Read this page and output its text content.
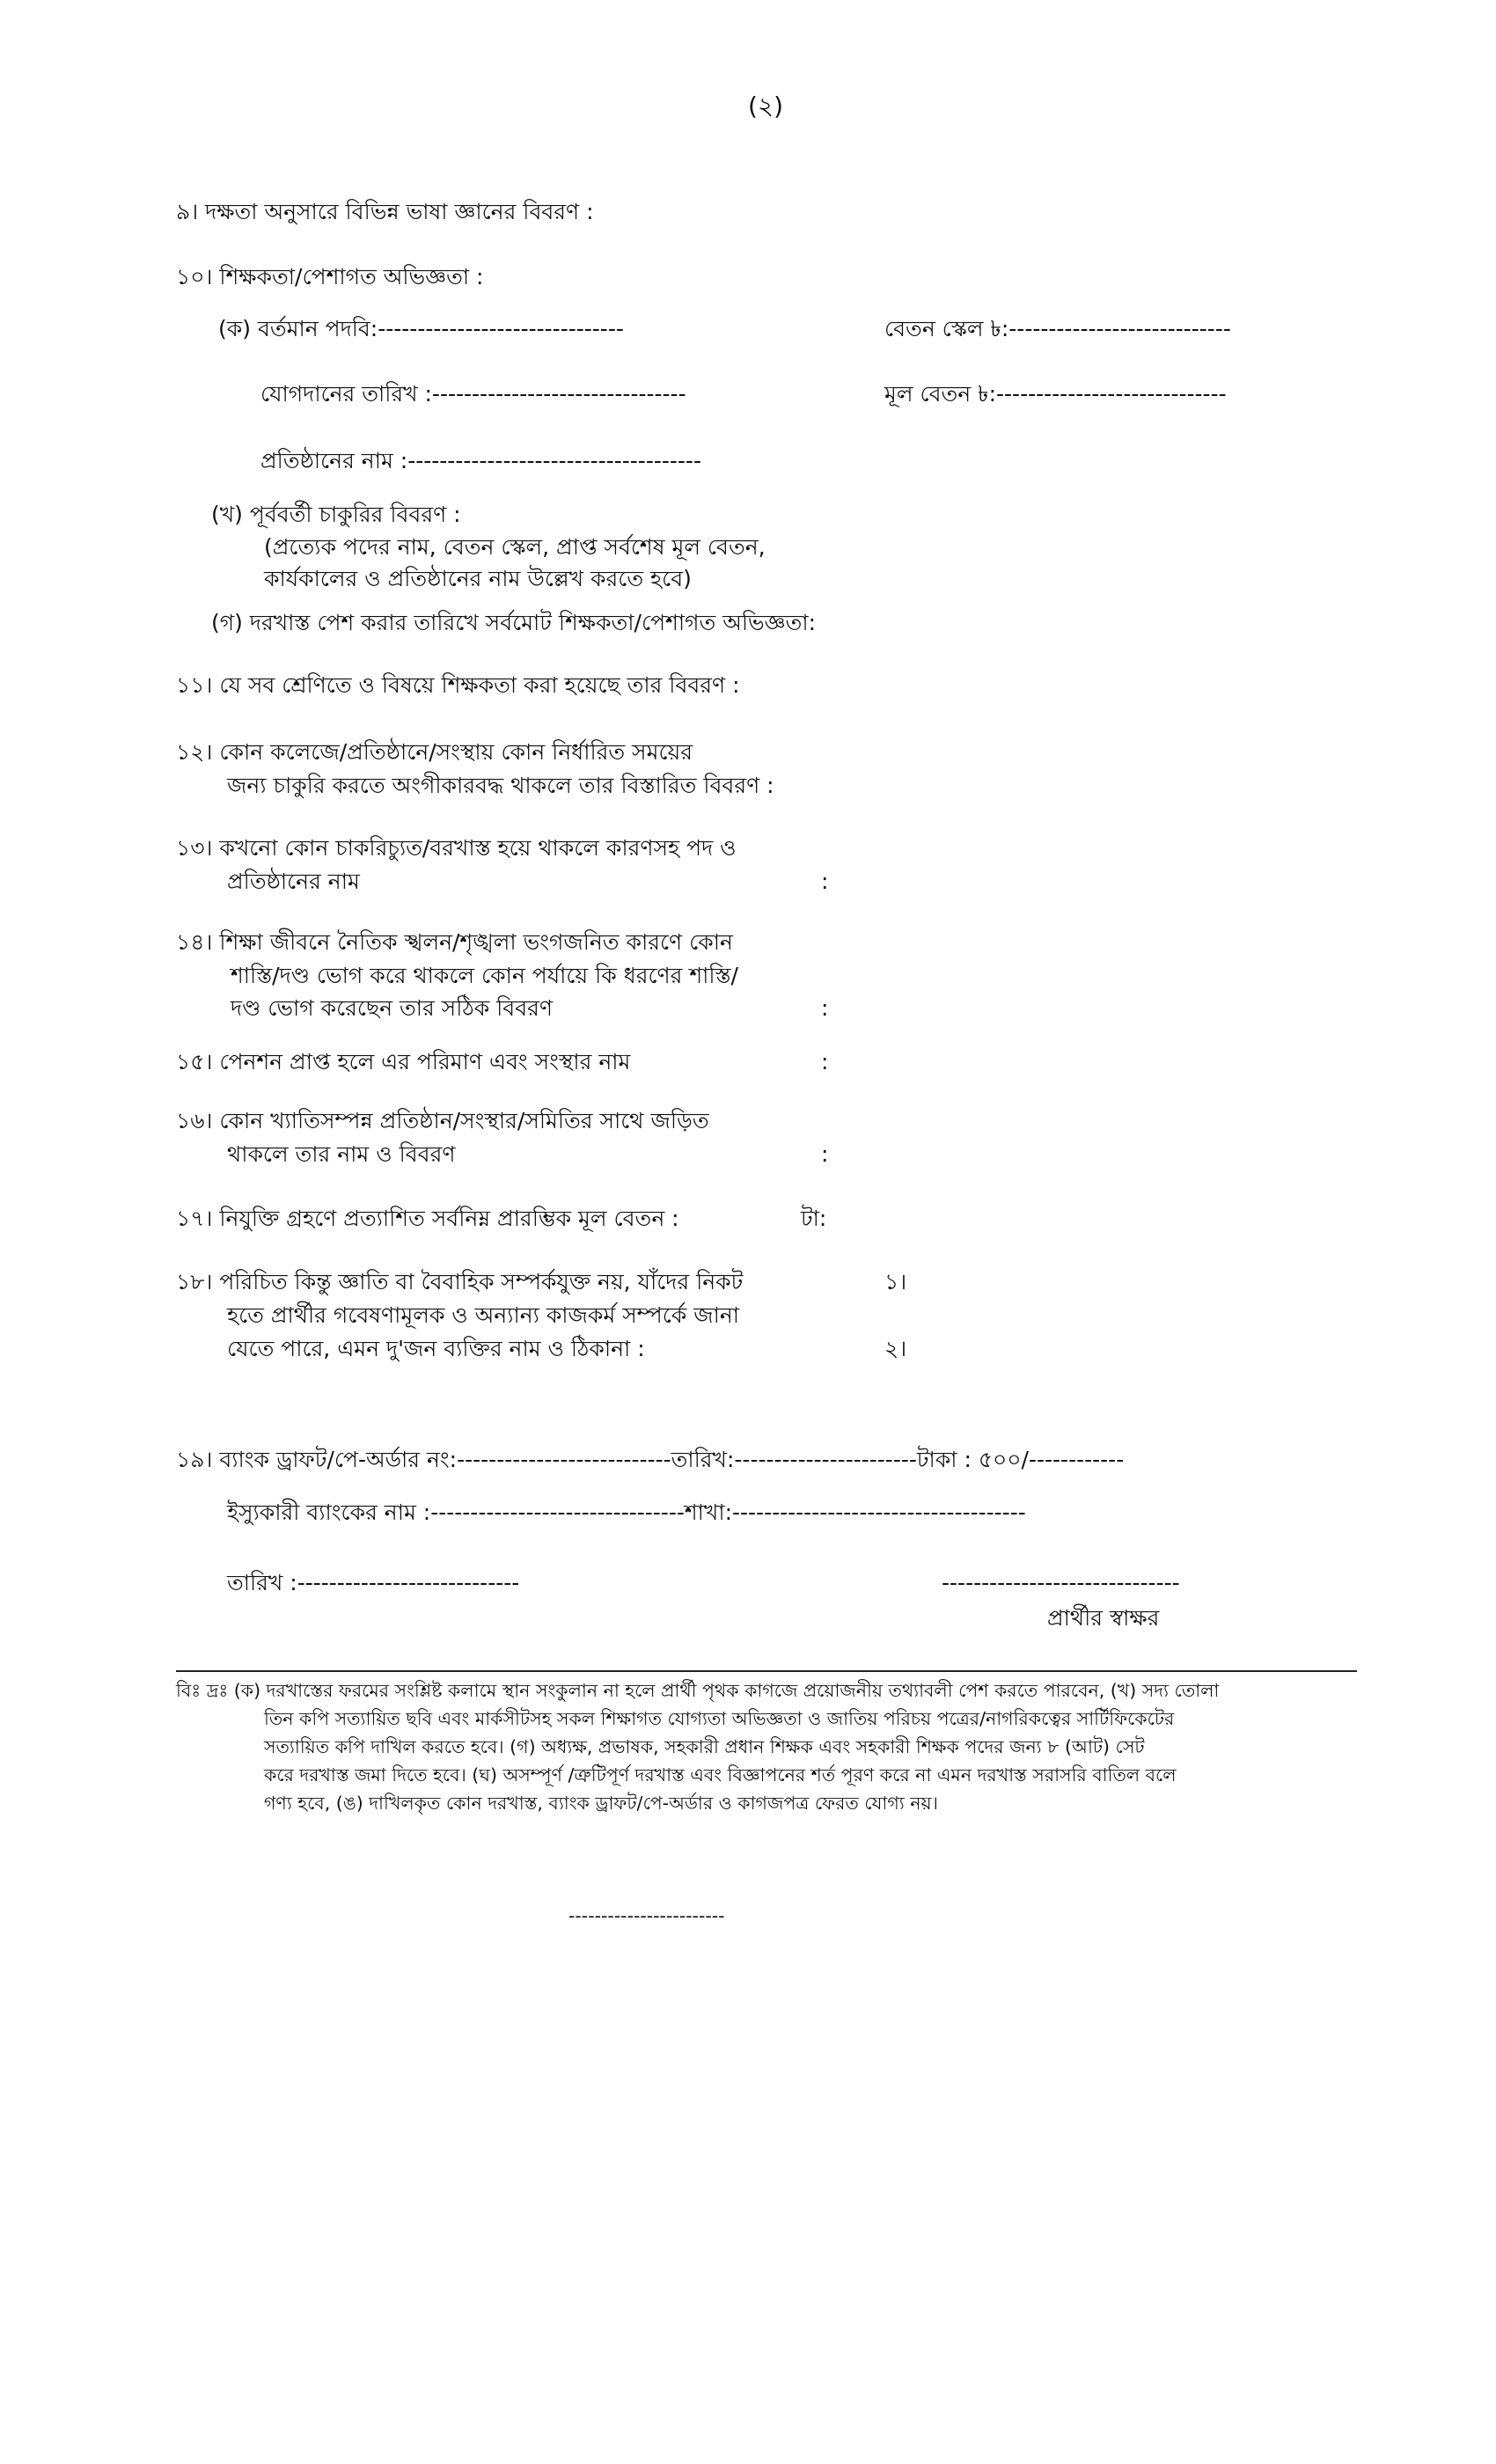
(২)
৯। দক্ষতা অনুসারে বিভিন্ন ভাষা জ্ঞানের বিবরণ :
১০। শিক্ষকতা/পেশাগত অভিজ্ঞতা :
(ক) বর্তমান পদবি:-------------------------------	বেতন স্কেল ৳:----------------------------
যোগদানের তারিখ :--------------------------------	মূল বেতন ৳:-----------------------------
প্রতিষ্ঠানের নাম :-------------------------------------
(খ) পূর্ববর্তী চাকুরির বিবরণ :
(প্রত্যেক পদের নাম, বেতন স্কেল, প্রাপ্ত সর্বশেষ মূল বেতন,
কার্যকালের ও প্রতিষ্ঠানের নাম উল্লেখ করতে হবে)
(গ) দরখাস্ত পেশ করার তারিখে সর্বমোট শিক্ষকতা/পেশাগত অভিজ্ঞতা:
১১। যে সব শ্রেণিতে ও বিষয়ে শিক্ষকতা করা হয়েছে তার বিবরণ :
১২। কোন কলেজে/প্রতিষ্ঠানে/সংস্থায় কোন নির্ধারিত সময়ের
জন্য চাকুরি করতে অংগীকারবদ্ধ থাকলে তার বিস্তারিত বিবরণ :
১৩। কখনো কোন চাকরিচ্যুত/বরখাস্ত হয়ে থাকলে কারণসহ পদ ও
প্রতিষ্ঠানের নাম	:
১৪। শিক্ষা জীবনে নৈতিক স্খলন/শৃঙ্খলা ভংগজনিত কারণে কোন
শাস্তি/দণ্ড ভোগ করে থাকলে কোন পর্যায়ে কি ধরণের শাস্তি/
দণ্ড ভোগ করেছেন তার সঠিক বিবরণ	:
১৫। পেনশন প্রাপ্ত হলে এর পরিমাণ এবং সংস্থার নাম	:
১৬। কোন খ্যাতিসম্পন্ন প্রতিষ্ঠান/সংস্থার/সমিতির সাথে জড়িত
থাকলে তার নাম ও বিবরণ	:
১৭। নিযুক্তি গ্রহণে প্রত্যাশিত সর্বনিম্ন প্রারম্ভিক মূল বেতন :	টা:
১৮। পরিচিত কিন্তু জ্ঞাতি বা বৈবাহিক সম্পর্কযুক্ত নয়, যাঁদের নিকট
হতে প্রার্থীর গবেষণামূলক ও অন্যান্য কাজকর্ম সম্পর্কে জানা
যেতে পারে, এমন দু'জন ব্যক্তির নাম ও ঠিকানা :
১।
২।
১৯। ব্যাংক ড্রাফট/পে-অর্ডার নং:---------------------------তারিখ:-----------------------টাকা : ৫০০/------------
ইস্যুকারী ব্যাংকের নাম :--------------------------------শাখা:-------------------------------------
তারিখ :----------------------------	------------------------------
প্রার্থীর স্বাক্ষর
বিঃ দ্রঃ (ক) দরখাস্তের ফরমের সংশ্লিষ্ট কলামে স্থান সংকুলান না হলে প্রার্থী পৃথক কাগজে প্রয়োজনীয় তথ্যাবলী পেশ করতে পারবেন, (খ) সদ্য তোলা
তিন কপি সত্যায়িত ছবি এবং মার্কসীটসহ সকল শিক্ষাগত যোগ্যতা অভিজ্ঞতা ও জাতিয় পরিচয় পত্রের/নাগরিকত্বের সার্টিফিকেটের
সত্যায়িত কপি দাখিল করতে হবে। (গ) অধ্যক্ষ, প্রভাষক, সহকারী প্রধান শিক্ষক এবং সহকারী শিক্ষক পদের জন্য ৮ (আট) সেট
করে দরখাস্ত জমা দিতে হবে। (ঘ) অসম্পূর্ণ /ত্রুটিপূর্ণ দরখাস্ত এবং বিজ্ঞাপনের শর্ত পূরণ করে না এমন দরখাস্ত সরাসরি বাতিল বলে
গণ্য হবে, (ঙ) দাখিলকৃত কোন দরখাস্ত, ব্যাংক ড্রাফট/পে-অর্ডার ও কাগজপত্র ফেরত যোগ্য নয়।
------------------------
